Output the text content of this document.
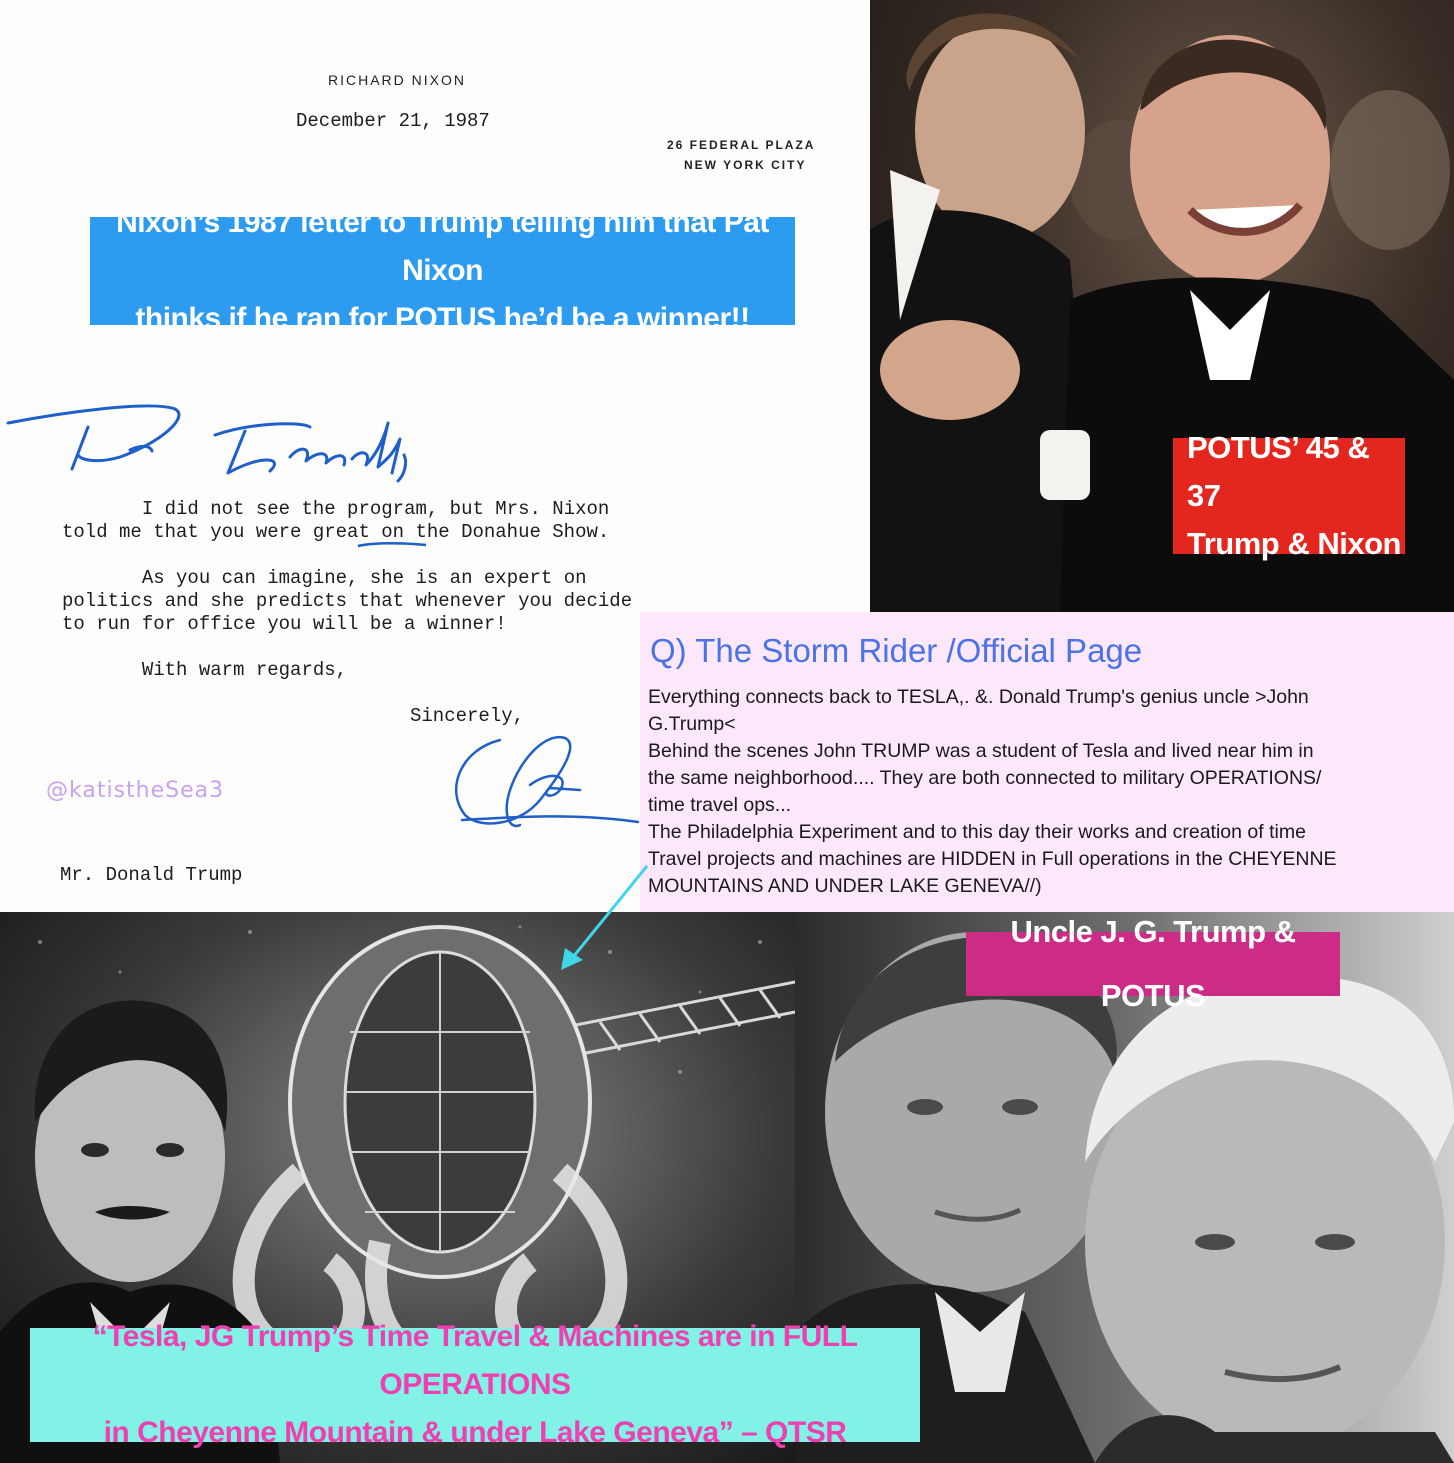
RICHARD NIXON
December 21, 1987
26 FEDERAL PLAZA
NEW YORK CITY
I did not see the program, but Mrs. Nixon
told me that you were great on the Donahue Show.
As you can imagine, she is an expert on
politics and she predicts that whenever you decide
to run for office you will be a winner!
With warm regards,
Sincerely,
Mr. Donald Trump
@katistheSea3
Nixon’s 1987 letter to Trump telling him that Pat Nixon
thinks if he ran for POTUS he’d be a winner!!
POTUS’ 45 & 37
Trump & Nixon
Q) The Storm Rider /Official Page
Everything connects back to TESLA,. &. Donald Trump's genius uncle >John
G.Trump<
Behind the scenes John TRUMP was a student of Tesla and lived near him in
the same neighborhood.... They are both connected to military OPERATIONS/
time travel ops...
The Philadelphia Experiment and to this day their works and creation of time
Travel projects and machines are HIDDEN in Full operations in the CHEYENNE
MOUNTAINS AND UNDER LAKE GENEVA//)
Uncle J. G. Trump & POTUS
“Tesla, JG Trump’s Time Travel & Machines are in FULL OPERATIONS
in Cheyenne Mountain & under Lake Geneva” – QTSR
